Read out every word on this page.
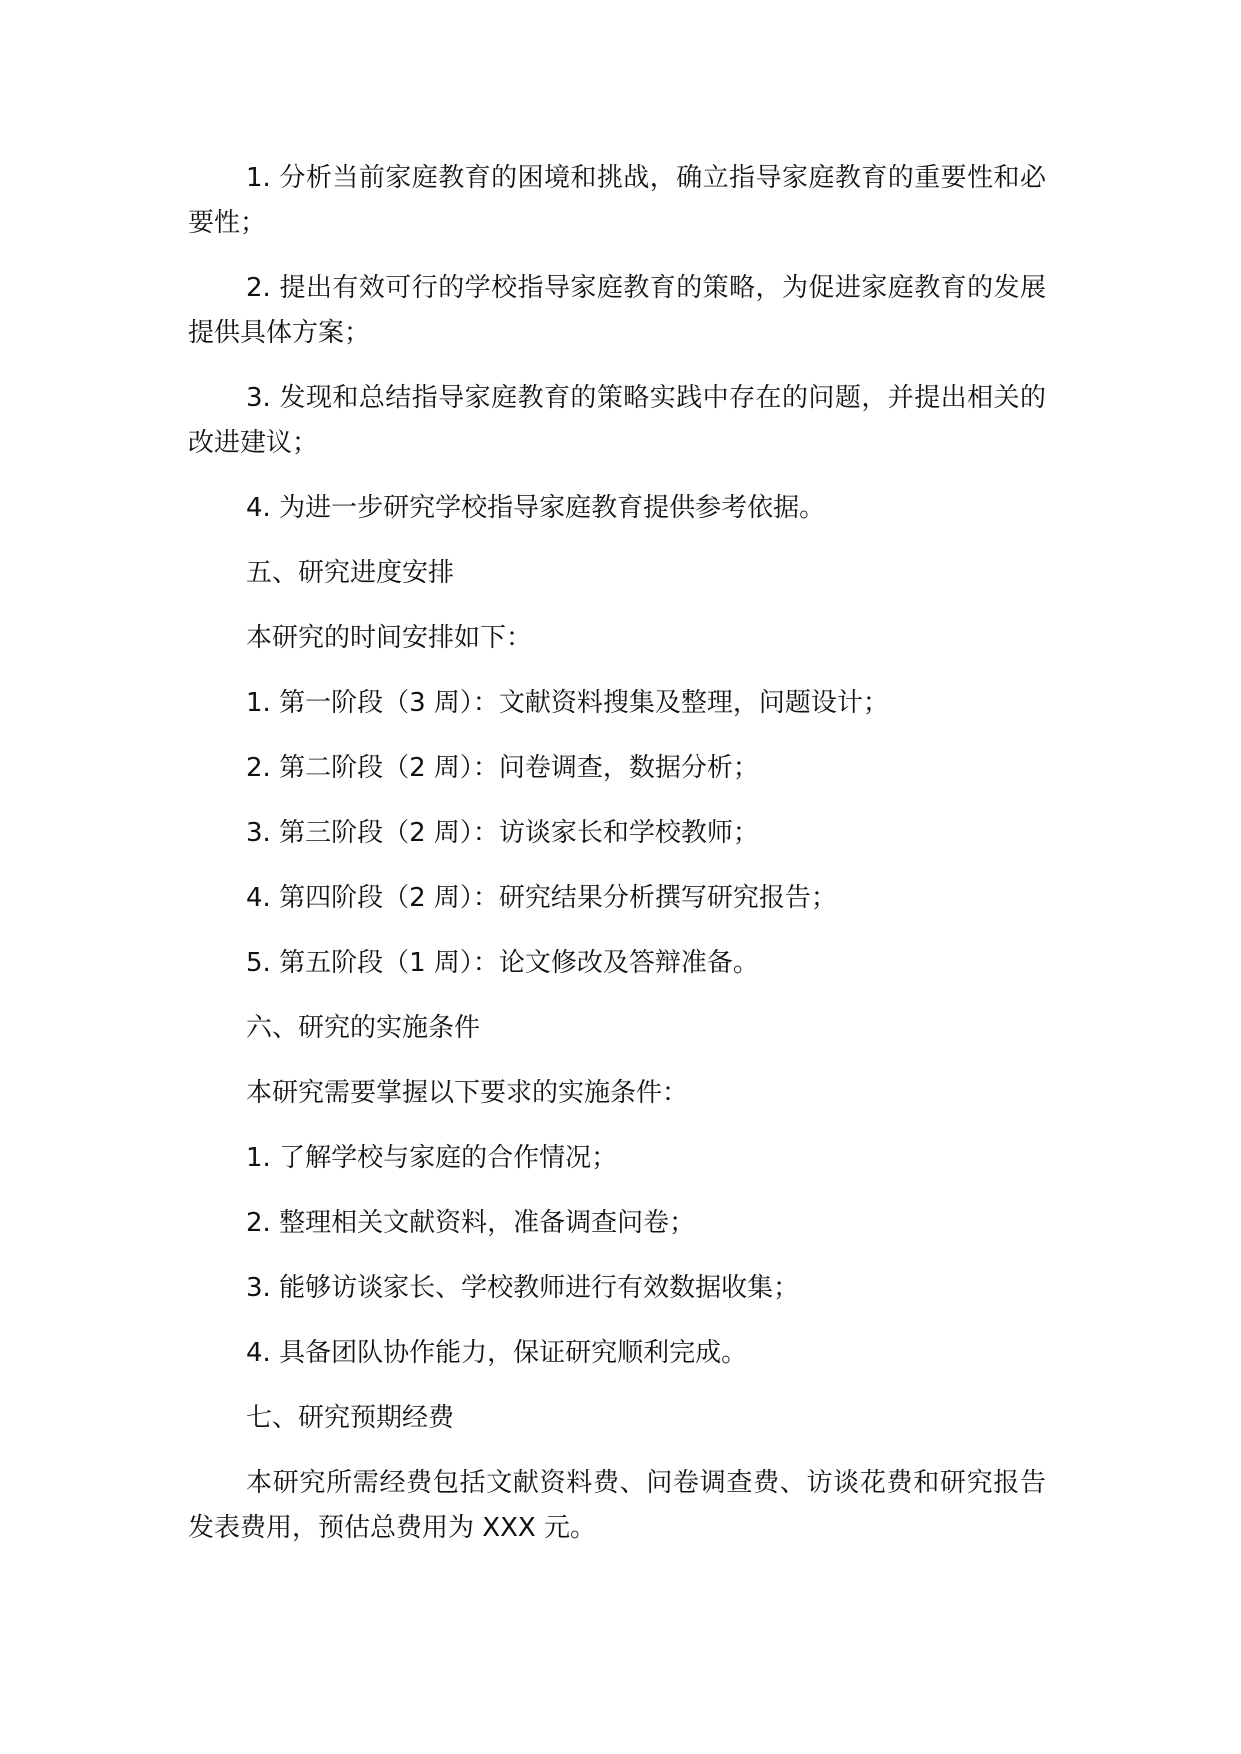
1. 分析当前家庭教育的困境和挑战，确立指导家庭教育的重要性和必要性；

2. 提出有效可行的学校指导家庭教育的策略，为促进家庭教育的发展提供具体方案；

3. 发现和总结指导家庭教育的策略实践中存在的问题，并提出相关的改进建议；

4. 为进一步研究学校指导家庭教育提供参考依据。

五、研究进度安排

本研究的时间安排如下：

1. 第一阶段（3 周）：文献资料搜集及整理，问题设计；

2. 第二阶段（2 周）：问卷调查，数据分析；

3. 第三阶段（2 周）：访谈家长和学校教师；

4. 第四阶段（2 周）：研究结果分析撰写研究报告；

5. 第五阶段（1 周）：论文修改及答辩准备。

六、研究的实施条件

本研究需要掌握以下要求的实施条件：

1. 了解学校与家庭的合作情况；

2. 整理相关文献资料，准备调查问卷；

3. 能够访谈家长、学校教师进行有效数据收集；

4. 具备团队协作能力，保证研究顺利完成。

七、研究预期经费

本研究所需经费包括文献资料费、问卷调查费、访谈花费和研究报告发表费用，预估总费用为 XXX 元。
